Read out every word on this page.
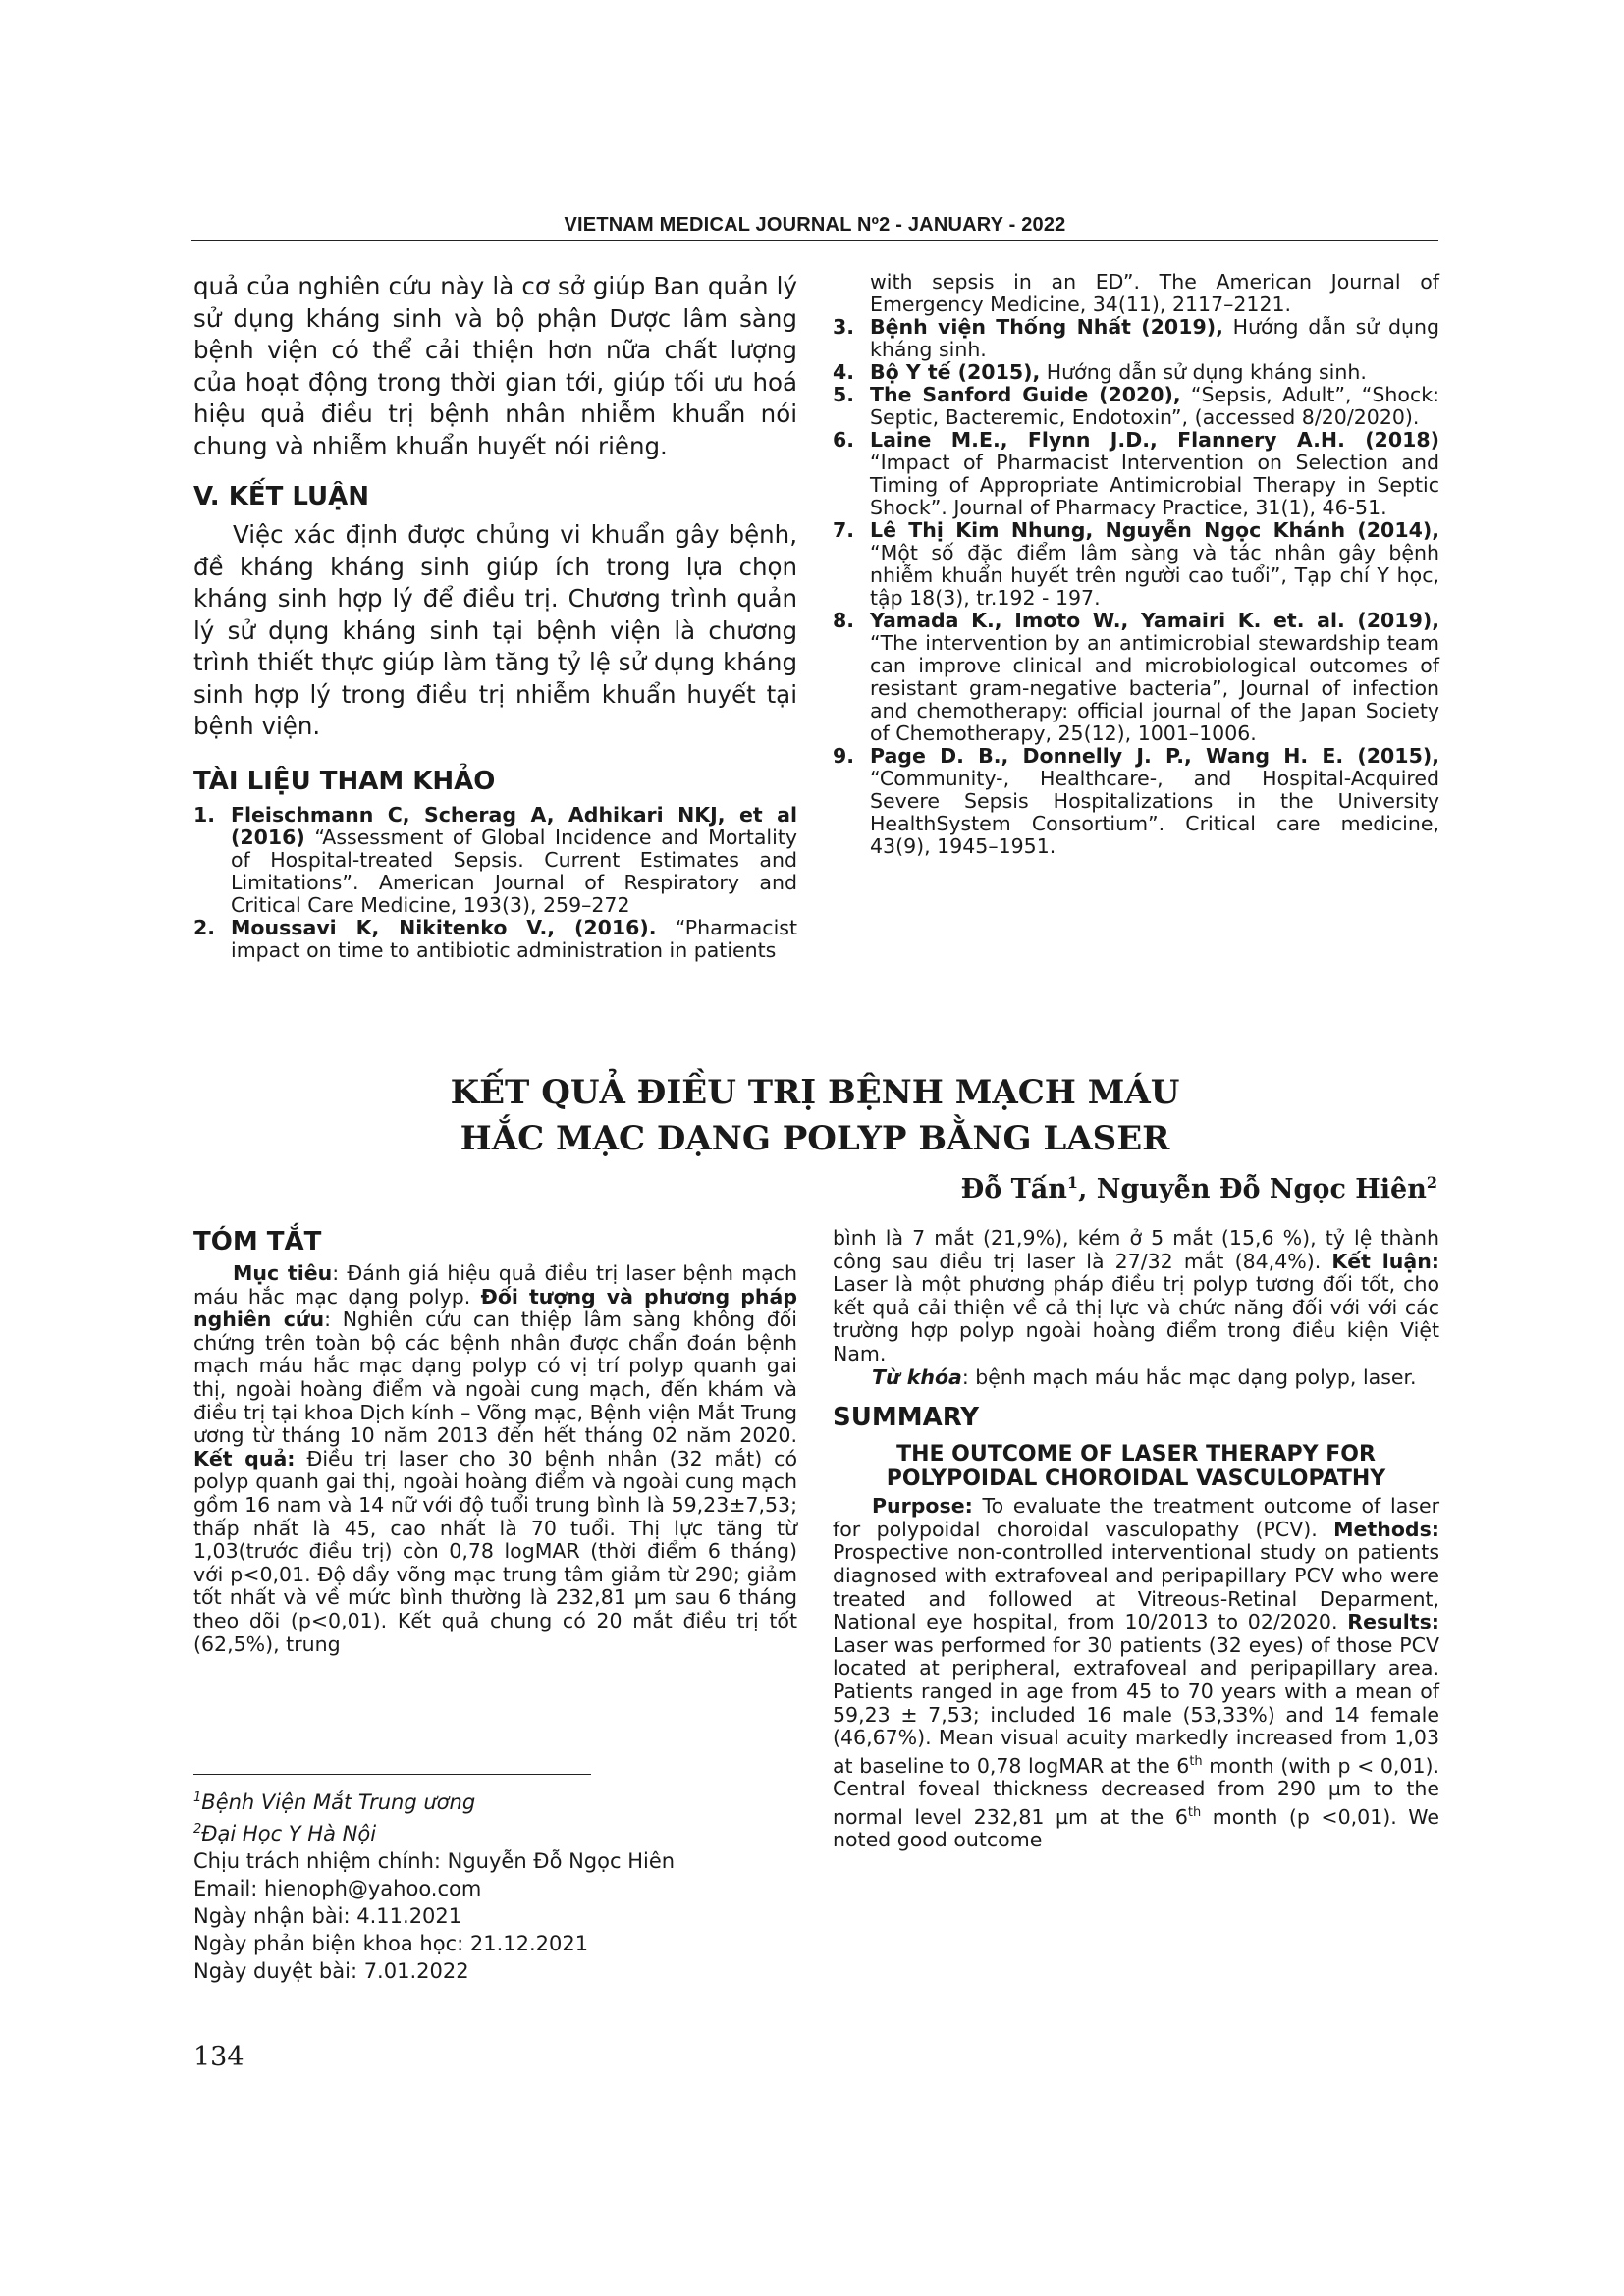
VIETNAM MEDICAL JOURNAL Nº2 - JANUARY - 2022

quả của nghiên cứu này là cơ sở giúp Ban quản lý sử dụng kháng sinh và bộ phận Dược lâm sàng bệnh viện có thể cải thiện hơn nữa chất lượng của hoạt động trong thời gian tới, giúp tối ưu hoá hiệu quả điều trị bệnh nhân nhiễm khuẩn nói chung và nhiễm khuẩn huyết nói riêng.

V. KẾT LUẬN

Việc xác định được chủng vi khuẩn gây bệnh, đề kháng kháng sinh giúp ích trong lựa chọn kháng sinh hợp lý để điều trị. Chương trình quản lý sử dụng kháng sinh tại bệnh viện là chương trình thiết thực giúp làm tăng tỷ lệ sử dụng kháng sinh hợp lý trong điều trị nhiễm khuẩn huyết tại bệnh viện.

TÀI LIỆU THAM KHẢO
1. Fleischmann C, Scherag A, Adhikari NKJ, et al (2016) “Assessment of Global Incidence and Mortality of Hospital-treated Sepsis. Current Estimates and Limitations”. American Journal of Respiratory and Critical Care Medicine, 193(3), 259–272
2. Moussavi K, Nikitenko V., (2016). “Pharmacist impact on time to antibiotic administration in patients
with sepsis in an ED”. The American Journal of Emergency Medicine, 34(11), 2117–2121.
3. Bệnh viện Thống Nhất (2019), Hướng dẫn sử dụng kháng sinh.
4. Bộ Y tế (2015), Hướng dẫn sử dụng kháng sinh.
5. The Sanford Guide (2020), “Sepsis, Adult”, “Shock: Septic, Bacteremic, Endotoxin”, (accessed 8/20/2020).
6. Laine M.E., Flynn J.D., Flannery A.H. (2018) “Impact of Pharmacist Intervention on Selection and Timing of Appropriate Antimicrobial Therapy in Septic Shock”. Journal of Pharmacy Practice, 31(1), 46-51.
7. Lê Thị Kim Nhung, Nguyễn Ngọc Khánh (2014), “Một số đặc điểm lâm sàng và tác nhân gây bệnh nhiễm khuẩn huyết trên người cao tuổi”, Tạp chí Y học, tập 18(3), tr.192 - 197.
8. Yamada K., Imoto W., Yamairi K. et. al. (2019), “The intervention by an antimicrobial stewardship team can improve clinical and microbiological outcomes of resistant gram-negative bacteria”, Journal of infection and chemotherapy: official journal of the Japan Society of Chemotherapy, 25(12), 1001–1006.
9. Page D. B., Donnelly J. P., Wang H. E. (2015), “Community-, Healthcare-, and Hospital-Acquired Severe Sepsis Hospitalizations in the University HealthSystem Consortium”. Critical care medicine, 43(9), 1945–1951.
KẾT QUẢ ĐIỀU TRỊ BỆNH MẠCH MÁU
HẮC MẠC DẠNG POLYP BẰNG LASER
Đỗ Tấn$^1$, Nguyễn Đỗ Ngọc Hiên$^2$
TÓM TẮT

Mục tiêu: Đánh giá hiệu quả điều trị laser bệnh mạch máu hắc mạc dạng polyp. Đối tượng và phương pháp nghiên cứu: Nghiên cứu can thiệp lâm sàng không đối chứng trên toàn bộ các bệnh nhân được chẩn đoán bệnh mạch máu hắc mạc dạng polyp có vị trí polyp quanh gai thị, ngoài hoàng điểm và ngoài cung mạch, đến khám và điều trị tại khoa Dịch kính – Võng mạc, Bệnh viện Mắt Trung ương từ tháng 10 năm 2013 đến hết tháng 02 năm 2020. Kết quả: Điều trị laser cho 30 bệnh nhân (32 mắt) có polyp quanh gai thị, ngoài hoàng điểm và ngoài cung mạch gồm 16 nam và 14 nữ với độ tuổi trung bình là 59,23±7,53; thấp nhất là 45, cao nhất là 70 tuổi. Thị lực tăng từ 1,03(trước điều trị) còn 0,78 logMAR (thời điểm 6 tháng) với p<0,01. Độ dầy võng mạc trung tâm giảm từ 290; giảm tốt nhất và về mức bình thường là 232,81 µm sau 6 tháng theo dõi (p<0,01). Kết quả chung có 20 mắt điều trị tốt (62,5%), trung

bình là 7 mắt (21,9%), kém ở 5 mắt (15,6 %), tỷ lệ thành công sau điều trị laser là 27/32 mắt (84,4%). Kết luận: Laser là một phương pháp điều trị polyp tương đối tốt, cho kết quả cải thiện về cả thị lực và chức năng đối với với các trường hợp polyp ngoài hoàng điểm trong điều kiện Việt Nam.

Từ khóa: bệnh mạch máu hắc mạc dạng polyp, laser.

SUMMARY
THE OUTCOME OF LASER THERAPY FOR
POLYPOIDAL CHOROIDAL VASCULOPATHY

Purpose: To evaluate the treatment outcome of laser for polypoidal choroidal vasculopathy (PCV). Methods: Prospective non-controlled interventional study on patients diagnosed with extrafoveal and peripapillary PCV who were treated and followed at Vitreous-Retinal Deparment, National eye hospital, from 10/2013 to 02/2020. Results: Laser was performed for 30 patients (32 eyes) of those PCV located at peripheral, extrafoveal and peripapillary area. Patients ranged in age from 45 to 70 years with a mean of 59,23 ± 7,53; included 16 male (53,33%) and 14 female (46,67%). Mean visual acuity markedly increased from 1,03 at baseline to 0,78 logMAR at the 6th month (with p < 0,01). Central foveal thickness decreased from 290 µm to the normal level 232,81 µm at the 6th month (p <0,01). We noted good outcome

$^1$Bệnh Viện Mắt Trung ương
$^2$Đại Học Y Hà Nội
Chịu trách nhiệm chính: Nguyễn Đỗ Ngọc Hiên
Email: hienoph@yahoo.com
Ngày nhận bài: 4.11.2021
Ngày phản biện khoa học: 21.12.2021
Ngày duyệt bài: 7.01.2022
134
